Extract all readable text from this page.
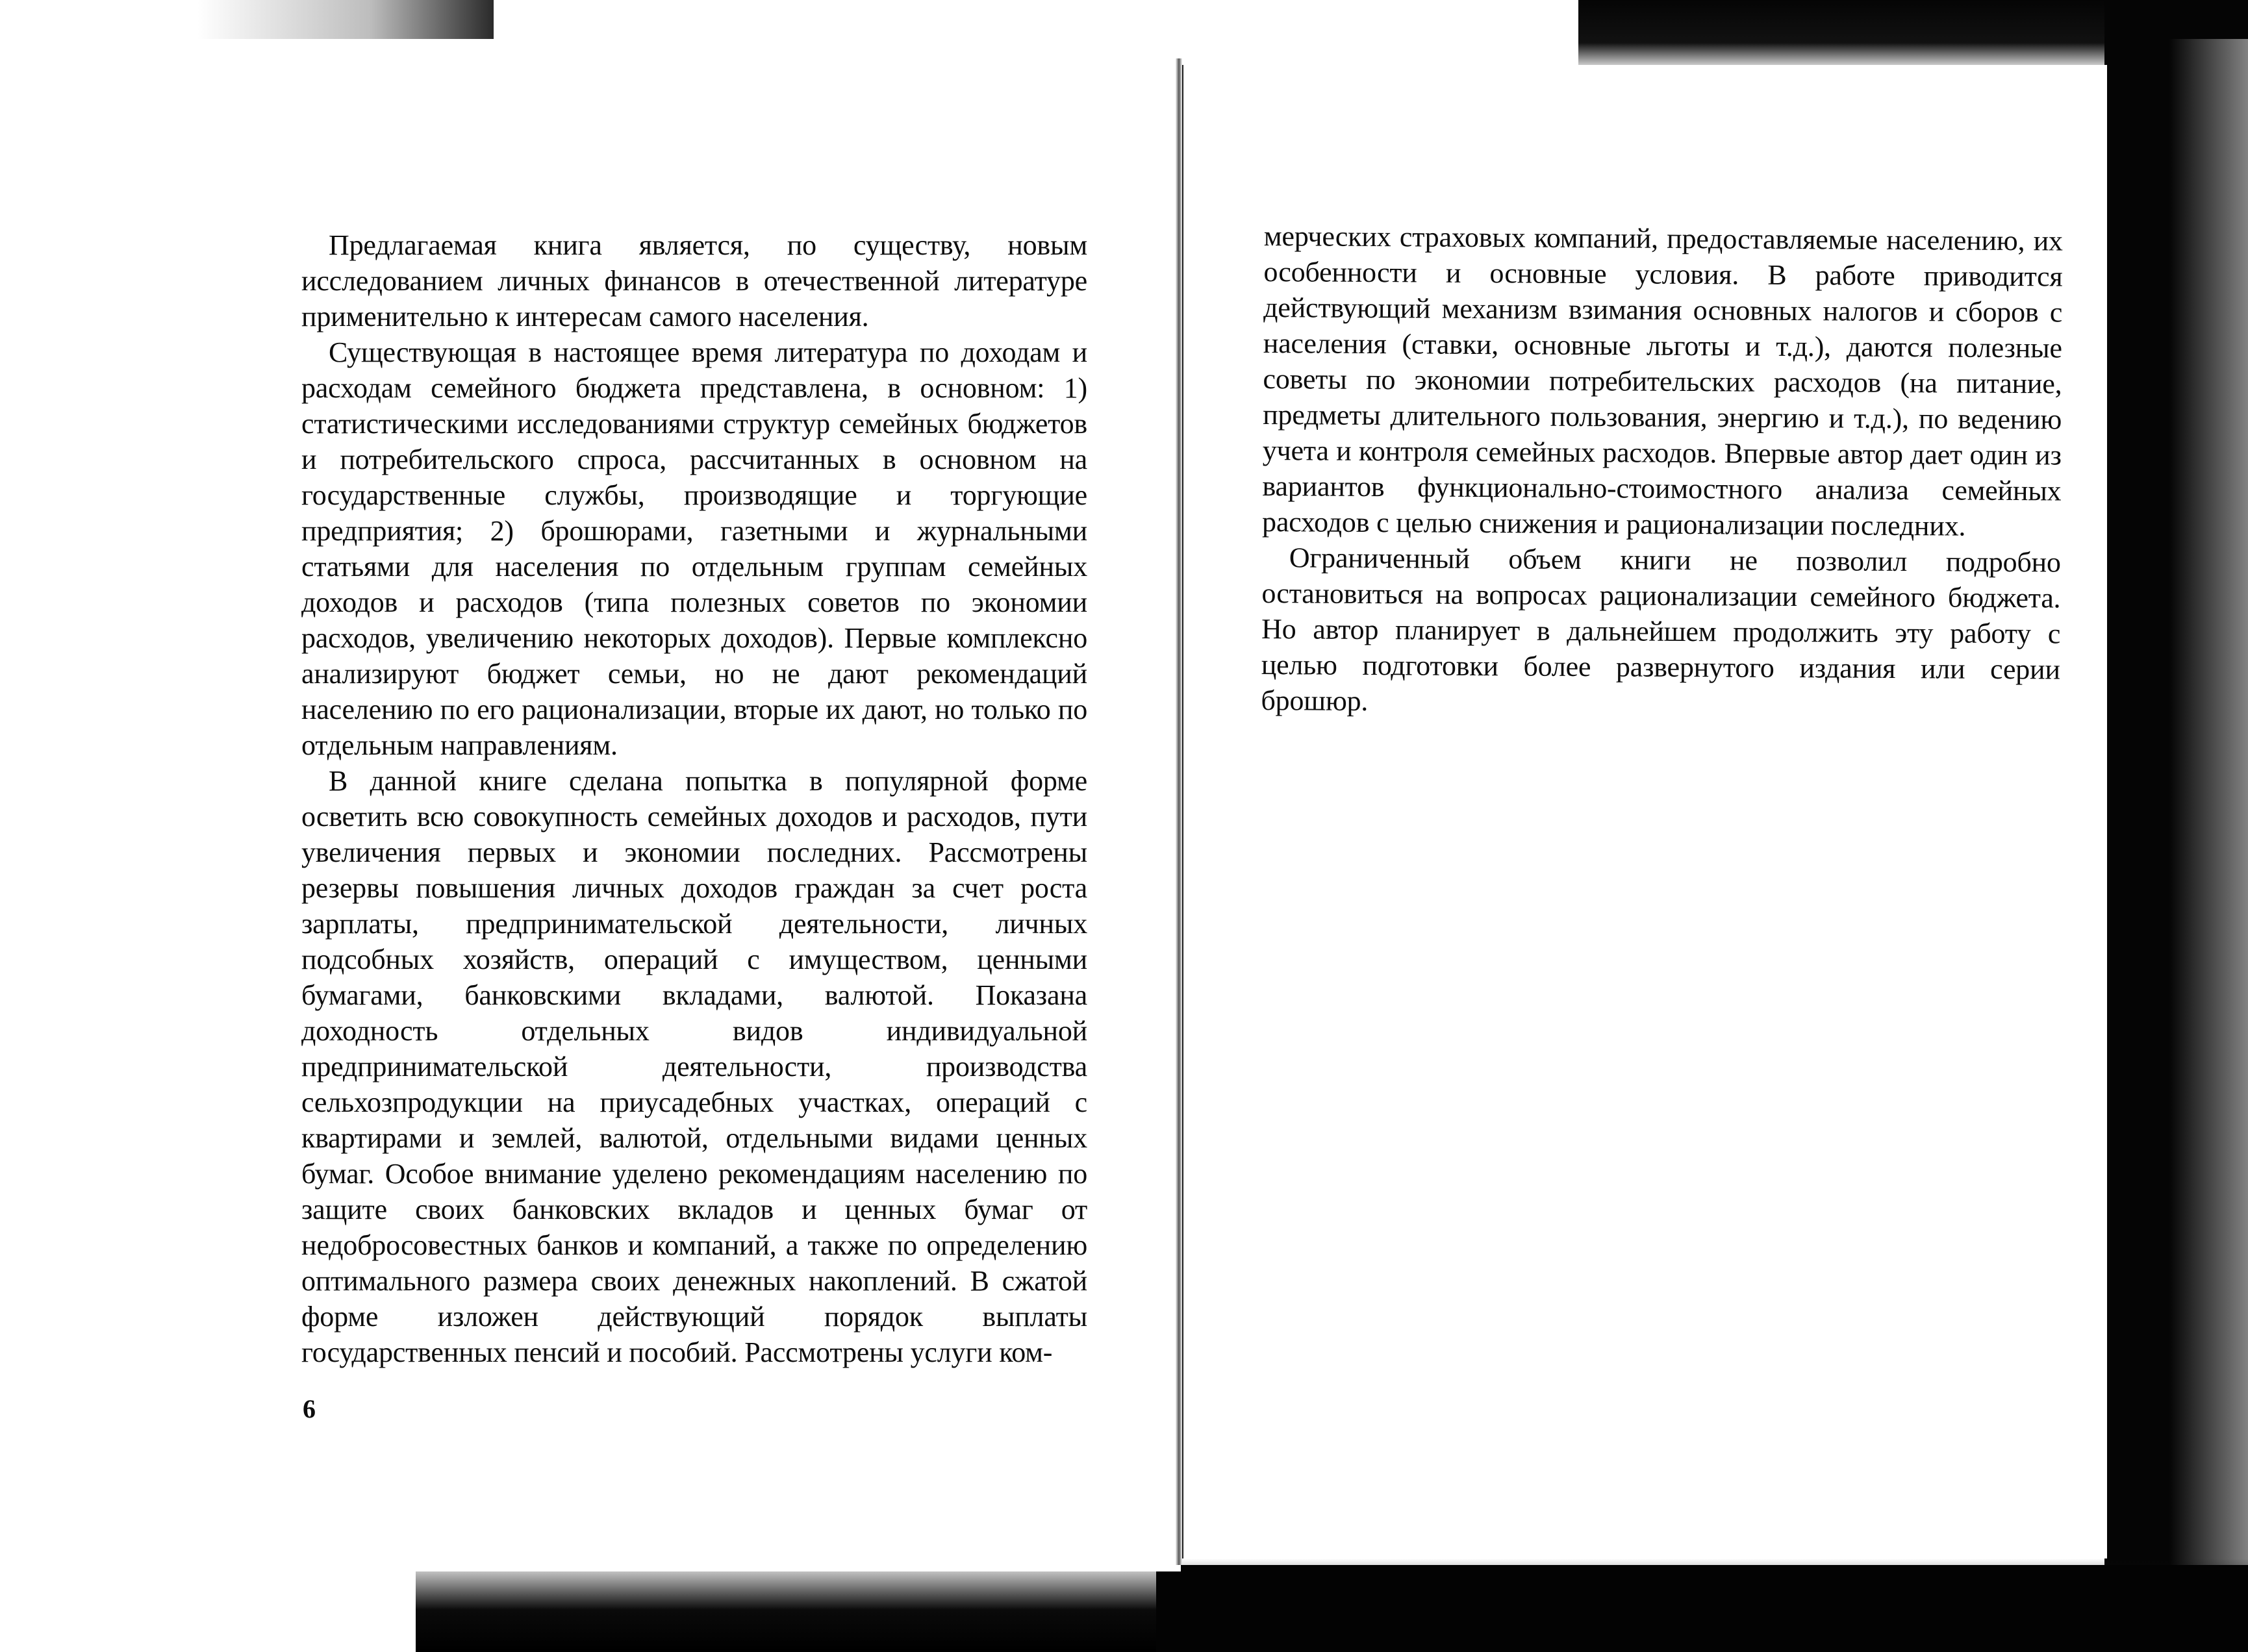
Предлагаемая книга является, по существу, новым исследованием личных финансов в отечественной литературе применительно к интересам самого населения.

Существующая в настоящее время литература по доходам и расходам семейного бюджета представлена, в основном: 1) статистическими исследованиями структур семейных бюджетов и потребительского спроса, рассчитанных в основном на государственные службы, производящие и торгующие предприятия; 2) брошюрами, газетными и журнальными статьями для населения по отдельным группам семейных доходов и расходов (типа полезных советов по экономии расходов, увеличению некоторых доходов). Первые комплексно анализируют бюджет семьи, но не дают рекомендаций населению по его рационализации, вторые их дают, но только по отдельным направлениям.

В данной книге сделана попытка в популярной форме осветить всю совокупность семейных доходов и расходов, пути увеличения первых и экономии последних. Рассмотрены резервы повышения личных доходов граждан за счет роста зарплаты, предпринимательской деятельности, личных подсобных хозяйств, операций с имуществом, ценными бумагами, банковскими вкладами, валютой. Показана доходность отдельных видов индивидуальной предпринимательской деятельности, производства сельхозпродукции на приусадебных участках, операций с квартирами и землей, валютой, отдельными видами ценных бумаг. Особое внимание уделено рекомендациям населению по защите своих банковских вкладов и ценных бумаг от недобросовестных банков и компаний, а также по определению оптимального размера своих денежных накоплений. В сжатой форме изложен действующий порядок выплаты государственных пенсий и пособий. Рассмотрены услуги ком-

6

мерческих страховых компаний, предоставляемые населению, их особенности и основные условия. В работе приводится действующий механизм взимания основных налогов и сборов с населения (ставки, основные льготы и т.д.), даются полезные советы по экономии потребительских расходов (на питание, предметы длительного пользования, энергию и т.д.), по ведению учета и контроля семейных расходов. Впервые автор дает один из вариантов функционально-стоимостного анализа семейных расходов с целью снижения и рационализации последних.

Ограниченный объем книги не позволил подробно остановиться на вопросах рационализации семейного бюджета. Но автор планирует в дальнейшем продолжить эту работу с целью подготовки более развернутого издания или серии брошюр.
